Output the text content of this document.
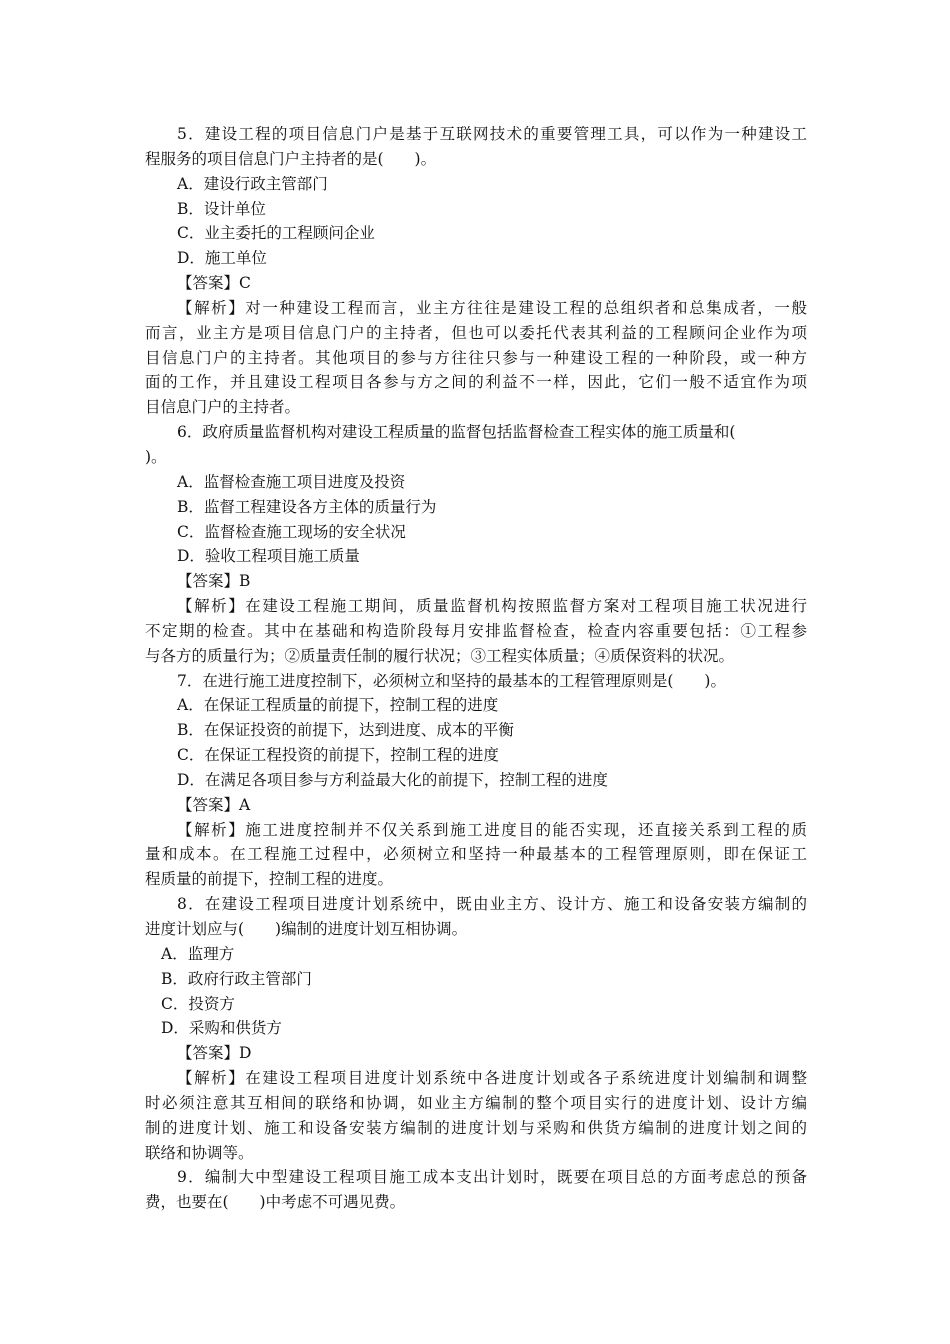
5．建设工程的项目信息门户是基于互联网技术的重要管理工具，可以作为一种建设工
程服务的项目信息门户主持者的是(　　)。
A．建设行政主管部门
B．设计单位
C．业主委托的工程顾问企业
D．施工单位
【答案】C
【解析】对一种建设工程而言，业主方往往是建设工程的总组织者和总集成者，一般
而言，业主方是项目信息门户的主持者，但也可以委托代表其利益的工程顾问企业作为项
目信息门户的主持者。其他项目的参与方往往只参与一种建设工程的一种阶段，或一种方
面的工作，并且建设工程项目各参与方之间的利益不一样，因此，它们一般不适宜作为项
目信息门户的主持者。
6．政府质量监督机构对建设工程质量的监督包括监督检查工程实体的施工质量和(
)。
A．监督检查施工项目进度及投资
B．监督工程建设各方主体的质量行为
C．监督检查施工现场的安全状况
D．验收工程项目施工质量
【答案】B
【解析】在建设工程施工期间，质量监督机构按照监督方案对工程项目施工状况进行
不定期的检查。其中在基础和构造阶段每月安排监督检查，检查内容重要包括：①工程参
与各方的质量行为；②质量责任制的履行状况；③工程实体质量；④质保资料的状况。
7．在进行施工进度控制下，必须树立和坚持的最基本的工程管理原则是(　　)。
A．在保证工程质量的前提下，控制工程的进度
B．在保证投资的前提下，达到进度、成本的平衡
C．在保证工程投资的前提下，控制工程的进度
D．在满足各项目参与方利益最大化的前提下，控制工程的进度
【答案】A
【解析】施工进度控制并不仅关系到施工进度目的能否实现，还直接关系到工程的质
量和成本。在工程施工过程中，必须树立和坚持一种最基本的工程管理原则，即在保证工
程质量的前提下，控制工程的进度。
8．在建设工程项目进度计划系统中，既由业主方、设计方、施工和设备安装方编制的
进度计划应与(　　)编制的进度计划互相协调。
A．监理方
B．政府行政主管部门
C．投资方
D．采购和供货方
【答案】D
【解析】在建设工程项目进度计划系统中各进度计划或各子系统进度计划编制和调整
时必须注意其互相间的联络和协调，如业主方编制的整个项目实行的进度计划、设计方编
制的进度计划、施工和设备安装方编制的进度计划与采购和供货方编制的进度计划之间的
联络和协调等。
9．编制大中型建设工程项目施工成本支出计划时，既要在项目总的方面考虑总的预备
费，也要在(　　)中考虑不可遇见费。
